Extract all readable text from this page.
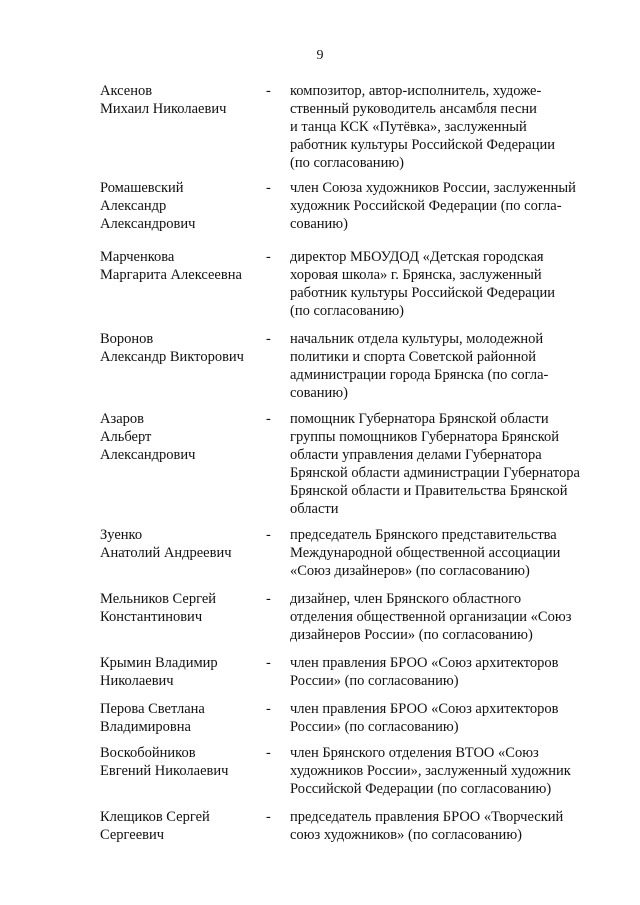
9
Аксенов
Михаил Николаевич
- композитор, автор-исполнитель, художе-
ственный руководитель ансамбля песни
и танца КСК «Путёвка», заслуженный
работник культуры Российской Федерации
(по согласованию)
Ромашевский
Александр
Александрович
- член Союза художников России, заслуженный
художник Российской Федерации (по согла-
сованию)
Марченкова
Маргарита Алексеевна
- директор МБОУДОД «Детская городская
хоровая школа» г. Брянска, заслуженный
работник культуры Российской Федерации
(по согласованию)
Воронов
Александр Викторович
- начальник отдела культуры, молодежной
политики и спорта Советской районной
администрации города Брянска (по согла-
сованию)
Азаров
Альберт
Александрович
- помощник Губернатора Брянской области
группы помощников Губернатора Брянской
области управления делами Губернатора
Брянской области администрации Губернатора
Брянской области и Правительства Брянской
области
Зуенко
Анатолий Андреевич
- председатель Брянского представительства
Международной общественной ассоциации
«Союз дизайнеров» (по согласованию)
Мельников Сергей
Константинович
- дизайнер, член Брянского областного
отделения общественной организации «Союз
дизайнеров России» (по согласованию)
Крымин Владимир
Николаевич
- член правления БРОО «Союз архитекторов
России» (по согласованию)
Перова Светлана
Владимировна
- член правления БРОО «Союз архитекторов
России» (по согласованию)
Воскобойников
Евгений Николаевич
- член Брянского отделения ВТОО «Союз
художников России», заслуженный художник
Российской Федерации (по согласованию)
Клещиков Сергей
Сергеевич
- председатель правления БРОО «Творческий
союз художников» (по согласованию)
